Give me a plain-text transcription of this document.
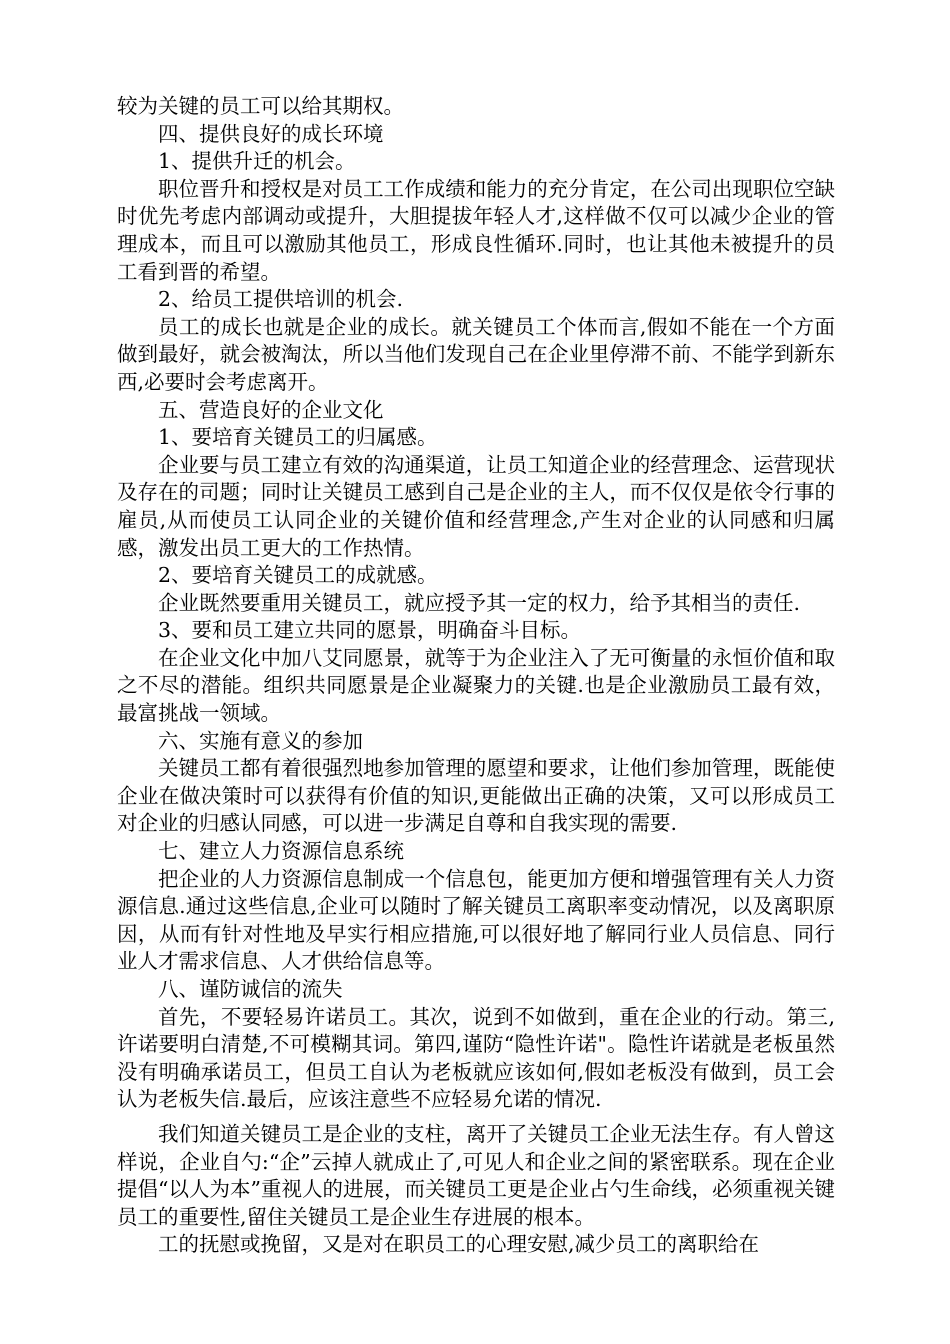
较为关键的员工可以给其期权。

四、提供良好的成长环境

1、提供升迁的机会。

职位晋升和授权是对员工工作成绩和能力的充分肯定，在公司出现职位空缺时优先考虑内部调动或提升，大胆提拔年轻人才,这样做不仅可以减少企业的管理成本，而且可以激励其他员工，形成良性循环.同时，也让其他未被提升的员工看到晋的希望。

2、给员工提供培训的机会.

员工的成长也就是企业的成长。就关键员工个体而言,假如不能在一个方面做到最好，就会被淘汰，所以当他们发现自己在企业里停滞不前、不能学到新东西,必要时会考虑离开。

五、营造良好的企业文化

1、要培育关键员工的归属感。

企业要与员工建立有效的沟通渠道，让员工知道企业的经营理念、运营现状及存在的司题；同时让关键员工感到自己是企业的主人，而不仅仅是依令行事的雇员,从而使员工认同企业的关键价值和经营理念,产生对企业的认同感和归属感，激发出员工更大的工作热情。

2、要培育关键员工的成就感。

企业既然要重用关键员工，就应授予其一定的权力，给予其相当的责任.

3、要和员工建立共同的愿景，明确奋斗目标。

在企业文化中加八艾同愿景，就等于为企业注入了无可衡量的永恒价值和取之不尽的潜能。组织共同愿景是企业凝聚力的关键.也是企业激励员工最有效，最富挑战一领域。

六、实施有意义的参加

关键员工都有着很强烈地参加管理的愿望和要求，让他们参加管理，既能使企业在做决策时可以获得有价值的知识,更能做出正确的决策，又可以形成员工对企业的归感认同感，可以进一步满足自尊和自我实现的需要.

七、建立人力资源信息系统

把企业的人力资源信息制成一个信息包，能更加方便和增强管理有关人力资源信息.通过这些信息,企业可以随时了解关键员工离职率变动情况，以及离职原因，从而有针对性地及早实行相应措施,可以很好地了解同行业人员信息、同行业人才需求信息、人才供给信息等。

八、谨防诚信的流失

首先，不要轻易许诺员工。其次，说到不如做到，重在企业的行动。第三,许诺要明白清楚,不可模糊其词。第四,谨防“隐性许诺"。隐性许诺就是老板虽然没有明确承诺员工，但员工自认为老板就应该如何,假如老板没有做到，员工会认为老板失信.最后，应该注意些不应轻易允诺的情况.

我们知道关键员工是企业的支柱，离开了关键员工企业无法生存。有人曾这样说，企业自勺:“企”云掉人就成止了,可见人和企业之间的紧密联系。现在企业提倡“以人为本”重视人的进展，而关键员工更是企业占勺生命线，必须重视关键员工的重要性,留住关键员工是企业生存进展的根本。

工的抚慰或挽留，又是对在职员工的心理安慰,减少员工的离职给在
